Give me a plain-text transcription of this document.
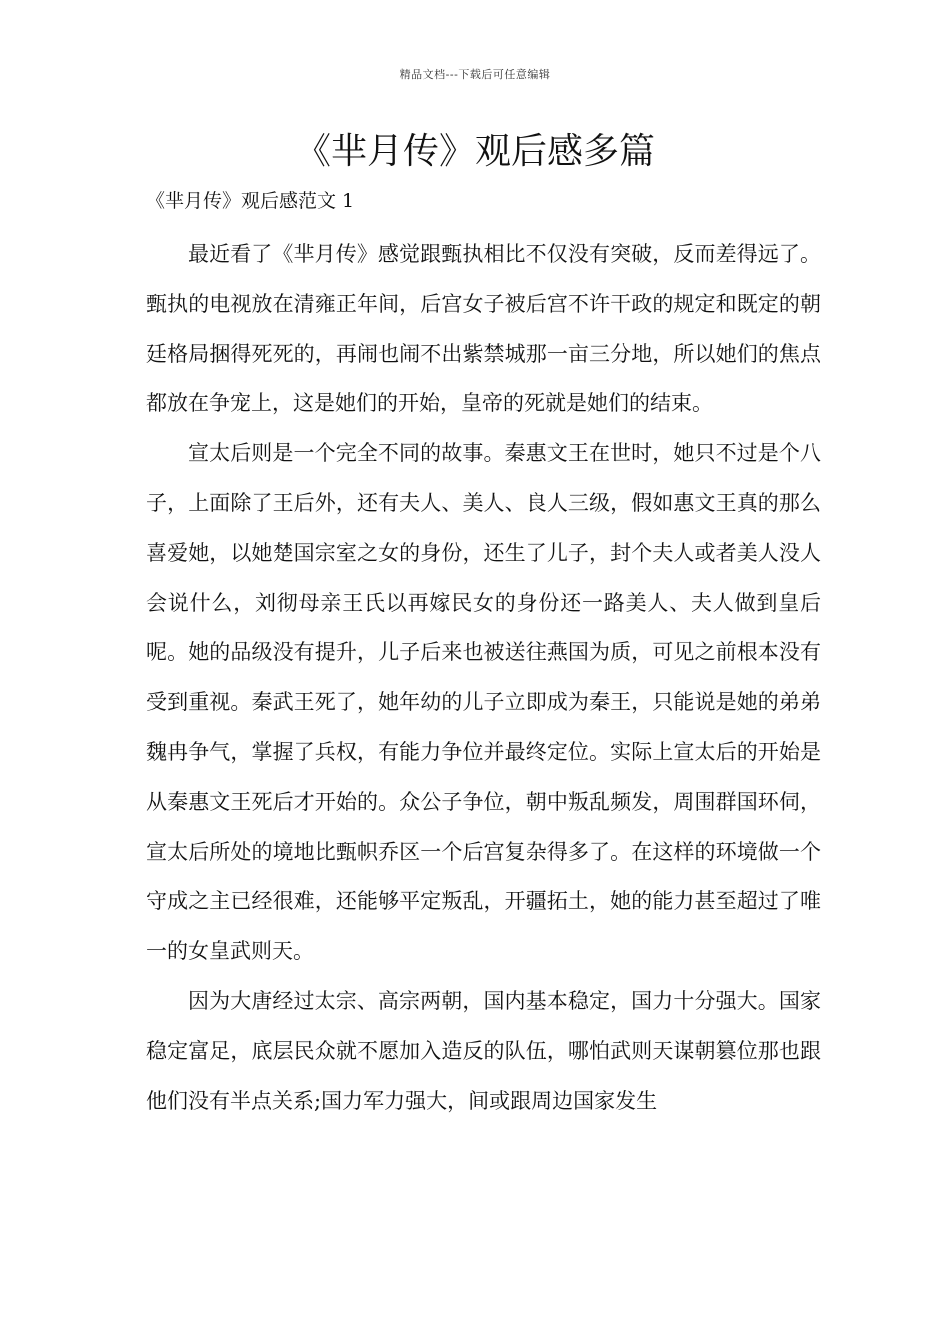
精品文档---下载后可任意编辑
《芈月传》观后感多篇
《芈月传》观后感范文 1

最近看了《芈月传》感觉跟甄执相比不仅没有突破，反而差得远了。甄执的电视放在清雍正年间，后宫女子被后宫不许干政的规定和既定的朝廷格局捆得死死的，再闹也闹不出紫禁城那一亩三分地，所以她们的焦点都放在争宠上，这是她们的开始，皇帝的死就是她们的结束。

宣太后则是一个完全不同的故事。秦惠文王在世时，她只不过是个八子，上面除了王后外，还有夫人、美人、良人三级，假如惠文王真的那么喜爱她，以她楚国宗室之女的身份，还生了儿子，封个夫人或者美人没人会说什么，刘彻母亲王氏以再嫁民女的身份还一路美人、夫人做到皇后呢。她的品级没有提升，儿子后来也被送往燕国为质，可见之前根本没有受到重视。秦武王死了，她年幼的儿子立即成为秦王，只能说是她的弟弟魏冉争气，掌握了兵权，有能力争位并最终定位。实际上宣太后的开始是从秦惠文王死后才开始的。众公子争位，朝中叛乱频发，周围群国环伺，宣太后所处的境地比甄帜乔区一个后宫复杂得多了。在这样的环境做一个守成之主已经很难，还能够平定叛乱，开疆拓土，她的能力甚至超过了唯一的女皇武则天。

因为大唐经过太宗、高宗两朝，国内基本稳定，国力十分强大。国家稳定富足，底层民众就不愿加入造反的队伍，哪怕武则天谋朝篡位那也跟他们没有半点关系;国力军力强大，间或跟周边国家发生
